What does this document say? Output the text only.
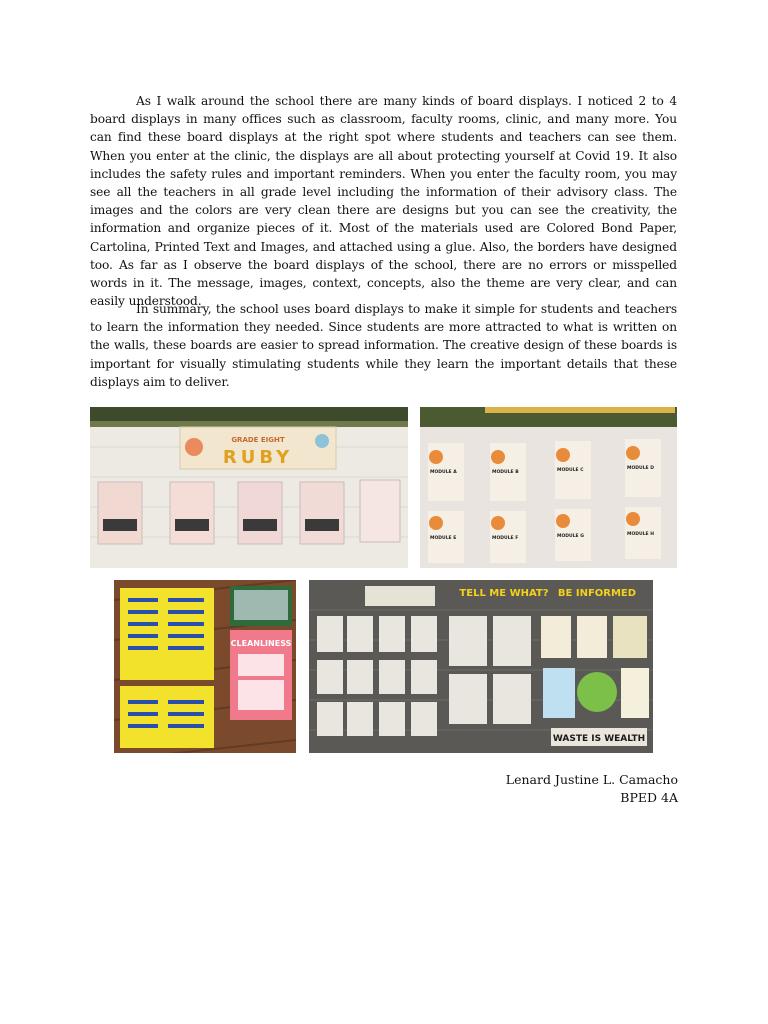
As I walk around the school there are many kinds of board displays. I noticed 2 to 4 board displays in many offices such as classroom, faculty rooms, clinic, and many more. You can find these board displays at the right spot where students and teachers can see them. When you enter at the clinic, the displays are all about protecting yourself at Covid 19. It also includes the safety rules and important reminders. When you enter the faculty room, you may see all the teachers in all grade level including the information of their advisory class. The images and the colors are very clean there are designs but you can see the creativity, the information and organize pieces of it. Most of the materials used are Colored Bond Paper, Cartolina, Printed Text and Images, and attached using a glue. Also, the borders have designed too. As far as I observe the board displays of the school, there are no errors or misspelled words in it. The message, images, context, concepts, also the theme are very clear, and can easily understood.

In summary, the school uses board displays to make it simple for students and teachers to learn the information they needed. Since students are more attracted to what is written on the walls, these boards are easier to spread information. The creative design of these boards is important for visually stimulating students while they learn the important details that these displays aim to deliver.

GRADE EIGHT
RUBY
MODULE A	MODULE B	MODULE C	MODULE D
MODULE E	MODULE F	MODULE G	MODULE H
CLEANLINESS
TELL ME WHAT? BE INFORMED
WASTE IS WEALTH
Lenard Justine L. Camacho
BPED 4A
